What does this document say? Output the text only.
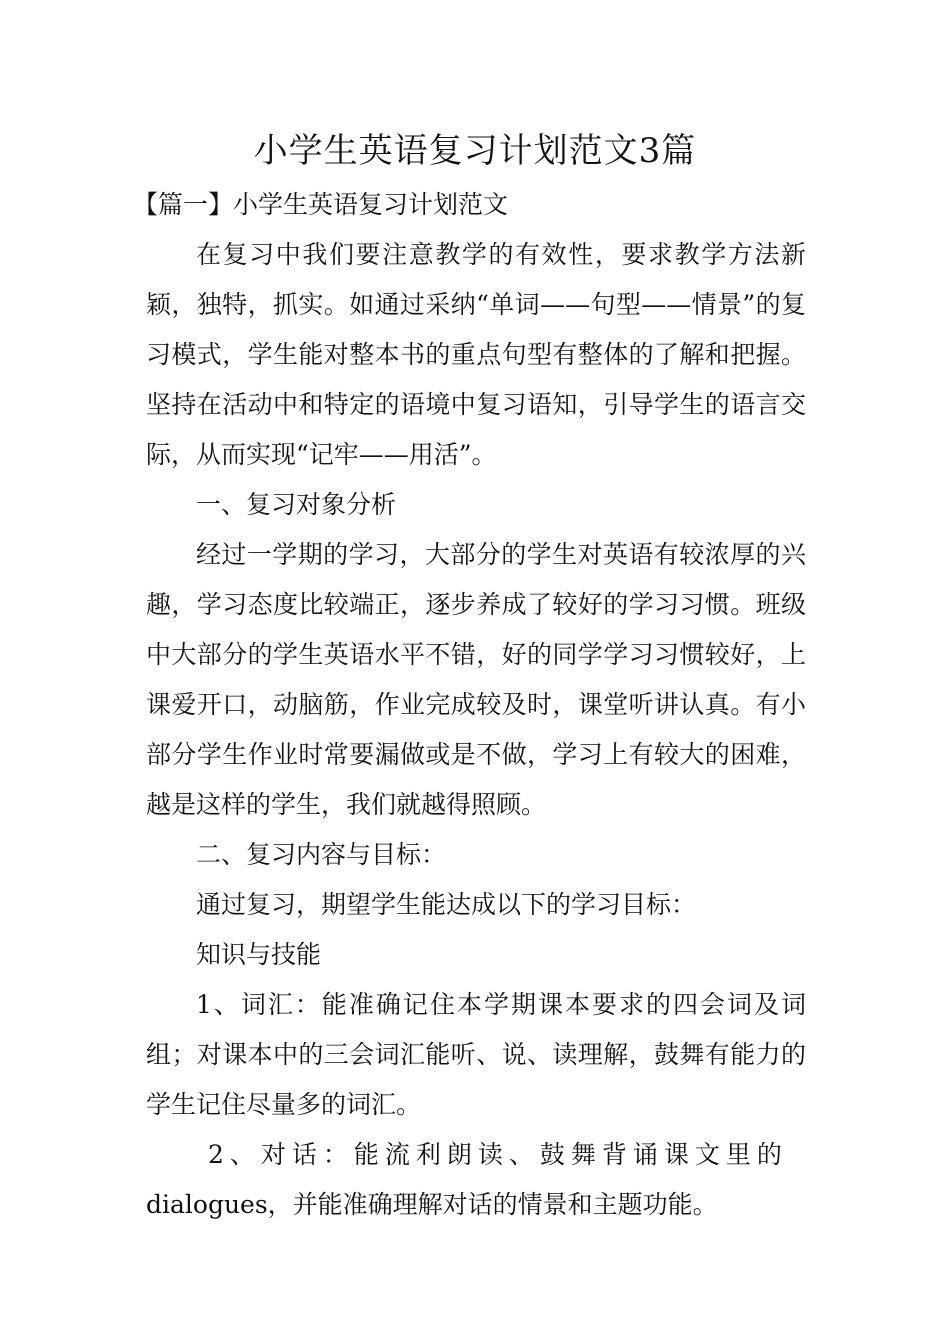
小学生英语复习计划范文3篇

【篇一】小学生英语复习计划范文

在复习中我们要注意教学的有效性，要求教学方法新颖，独特，抓实。如通过采纳“单词——句型——情景”的复习模式，学生能对整本书的重点句型有整体的了解和把握。坚持在活动中和特定的语境中复习语知，引导学生的语言交际，从而实现“记牢——用活”。

一、复习对象分析

经过一学期的学习，大部分的学生对英语有较浓厚的兴趣，学习态度比较端正，逐步养成了较好的学习习惯。班级中大部分的学生英语水平不错，好的同学学习习惯较好，上课爱开口，动脑筋，作业完成较及时，课堂听讲认真。有小部分学生作业时常要漏做或是不做，学习上有较大的困难，越是这样的学生，我们就越得照顾。

二、复习内容与目标：

通过复习，期望学生能达成以下的学习目标：

知识与技能

1、词汇：能准确记住本学期课本要求的四会词及词组；对课本中的三会词汇能听、说、读理解，鼓舞有能力的学生记住尽量多的词汇。

2、对话：能流利朗读、鼓舞背诵课文里的

dialogues，并能准确理解对话的情景和主题功能。
